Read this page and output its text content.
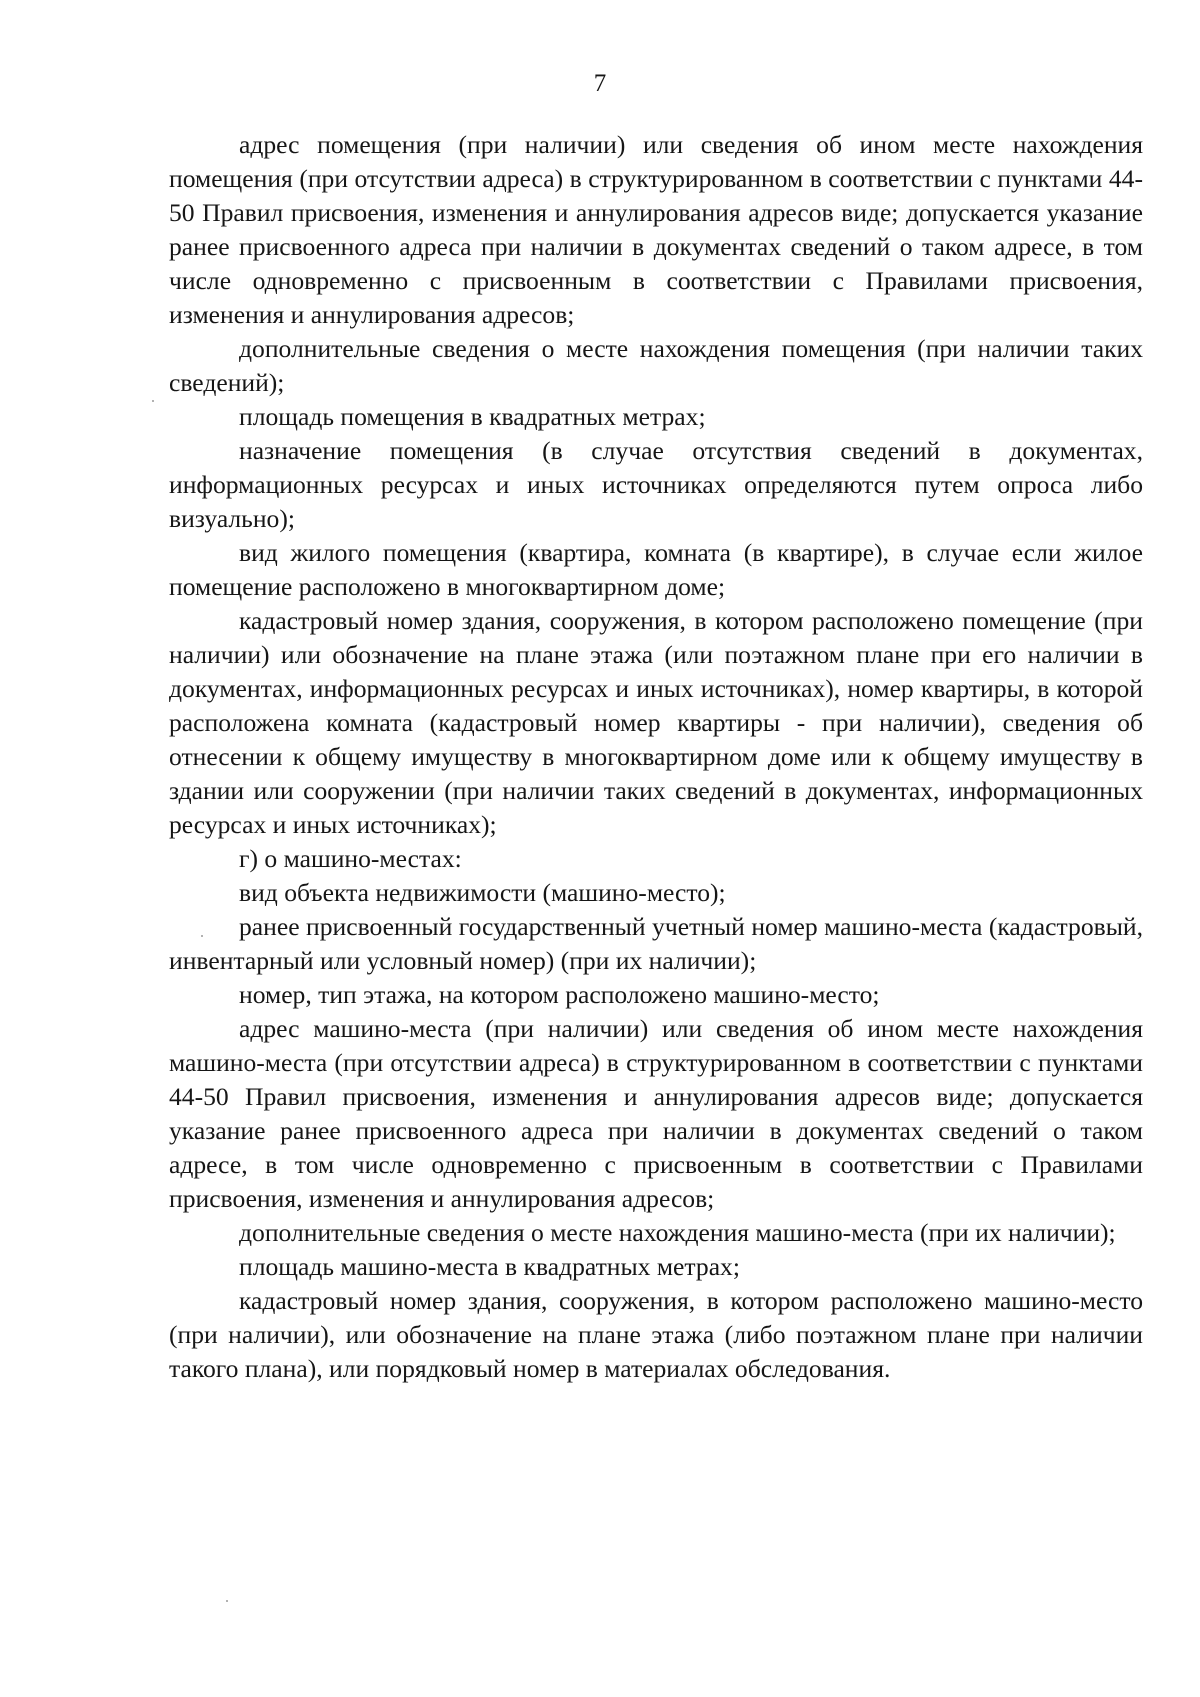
7

адрес помещения (при наличии) или сведения об ином месте нахождения помещения (при отсутствии адреса) в структурированном в соответствии с пунктами 44-50 Правил присвоения, изменения и аннулирования адресов виде; допускается указание ранее присвоенного адреса при наличии в документах сведений о таком адресе, в том числе одновременно с присвоенным в соответствии с Правилами присвоения, изменения и аннулирования адресов;

дополнительные сведения о месте нахождения помещения (при наличии таких сведений);

площадь помещения в квадратных метрах;

назначение помещения (в случае отсутствия сведений в документах, информационных ресурсах и иных источниках определяются путем опроса либо визуально);

вид жилого помещения (квартира, комната (в квартире), в случае если жилое помещение расположено в многоквартирном доме;

кадастровый номер здания, сооружения, в котором расположено помещение (при наличии) или обозначение на плане этажа (или поэтажном плане при его наличии в документах, информационных ресурсах и иных источниках), номер квартиры, в которой расположена комната (кадастровый номер квартиры - при наличии), сведения об отнесении к общему имуществу в многоквартирном доме или к общему имуществу в здании или сооружении (при наличии таких сведений в документах, информационных ресурсах и иных источниках);

г) о машино-местах:

вид объекта недвижимости (машино-место);

ранее присвоенный государственный учетный номер машино-места (кадастровый, инвентарный или условный номер) (при их наличии);

номер, тип этажа, на котором расположено машино-место;

адрес машино-места (при наличии) или сведения об ином месте нахождения машино-места (при отсутствии адреса) в структурированном в соответствии с пунктами 44-50 Правил присвоения, изменения и аннулирования адресов виде; допускается указание ранее присвоенного адреса при наличии в документах сведений о таком адресе, в том числе одновременно с присвоенным в соответствии с Правилами присвоения, изменения и аннулирования адресов;

дополнительные сведения о месте нахождения машино-места (при их наличии);

площадь машино-места в квадратных метрах;

кадастровый номер здания, сооружения, в котором расположено машино-место (при наличии), или обозначение на плане этажа (либо поэтажном плане при наличии такого плана), или порядковый номер в материалах обследования.
